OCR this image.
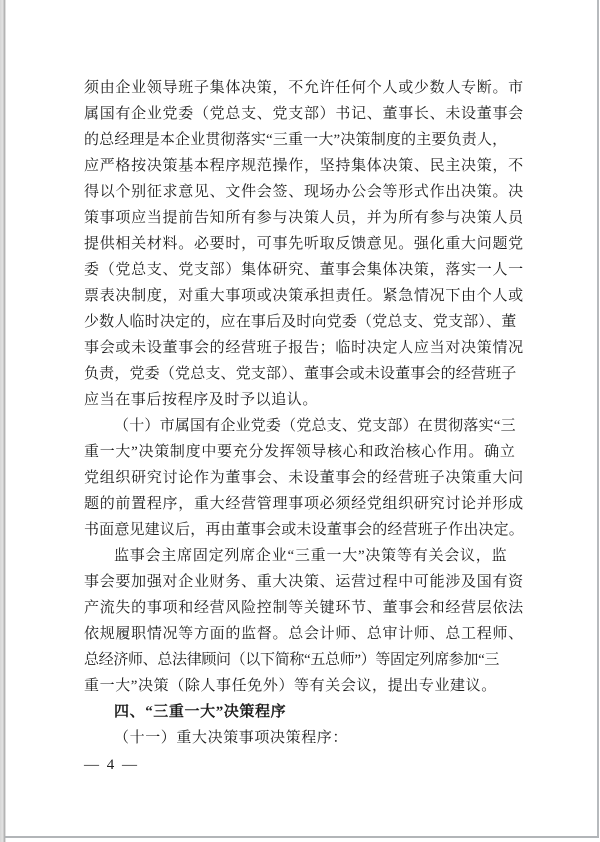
须由企业领导班子集体决策，不允许任何个人或少数人专断。市
属国有企业党委（党总支、党支部）书记、董事长、未设董事会
的总经理是本企业贯彻落实“三重一大”决策制度的主要负责人，
应严格按决策基本程序规范操作，坚持集体决策、民主决策，不
得以个别征求意见、文件会签、现场办公会等形式作出决策。决
策事项应当提前告知所有参与决策人员，并为所有参与决策人员
提供相关材料。必要时，可事先听取反馈意见。强化重大问题党
委（党总支、党支部）集体研究、董事会集体决策，落实一人一
票表决制度，对重大事项或决策承担责任。紧急情况下由个人或
少数人临时决定的，应在事后及时向党委（党总支、党支部）、董
事会或未设董事会的经营班子报告；临时决定人应当对决策情况
负责，党委（党总支、党支部）、董事会或未设董事会的经营班子
应当在事后按程序及时予以追认。
（十）市属国有企业党委（党总支、党支部）在贯彻落实“三
重一大”决策制度中要充分发挥领导核心和政治核心作用。确立
党组织研究讨论作为董事会、未设董事会的经营班子决策重大问
题的前置程序，重大经营管理事项必须经党组织研究讨论并形成
书面意见建议后，再由董事会或未设董事会的经营班子作出决定。
监事会主席固定列席企业“三重一大”决策等有关会议，监
事会要加强对企业财务、重大决策、运营过程中可能涉及国有资
产流失的事项和经营风险控制等关键环节、董事会和经营层依法
依规履职情况等方面的监督。总会计师、总审计师、总工程师、
总经济师、总法律顾问（以下简称“五总师”）等固定列席参加“三
重一大”决策（除人事任免外）等有关会议，提出专业建议。
四、“三重一大”决策程序
（十一）重大决策事项决策程序：
— 4 —
